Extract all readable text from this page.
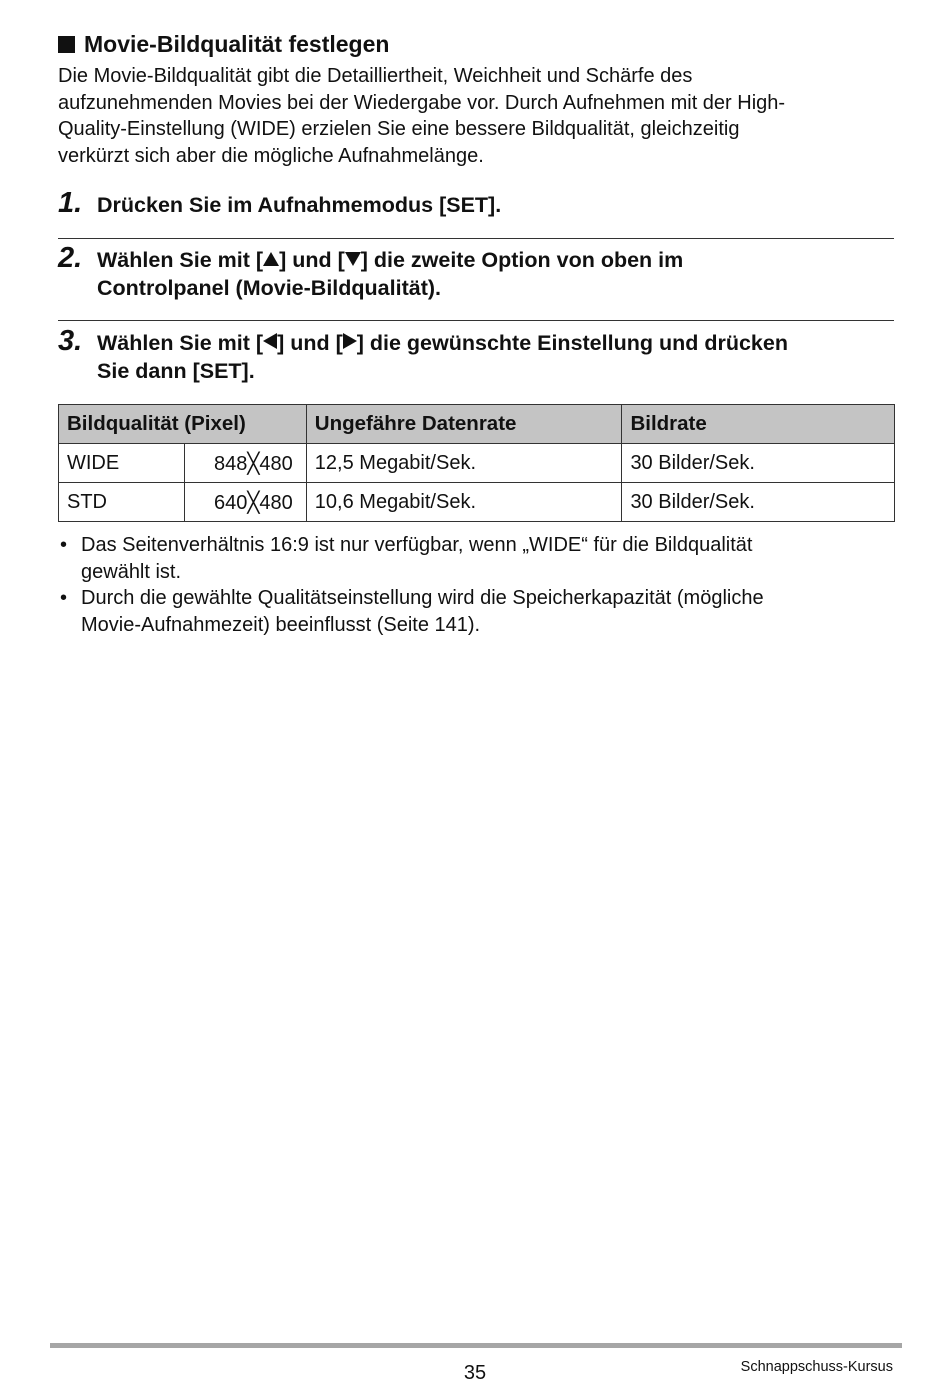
Movie-Bildqualität festlegen

Die Movie-Bildqualität gibt die Detailliertheit, Weichheit und Schärfe des

aufzunehmenden Movies bei der Wiedergabe vor. Durch Aufnehmen mit der High-

Quality-Einstellung (WIDE) erzielen Sie eine bessere Bildqualität, gleichzeitig

verkürzt sich aber die mögliche Aufnahmelänge.

1. Drücken Sie im Aufnahmemodus [SET].

2. Wählen Sie mit [ ] und [ ] die zweite Option von oben im

Controlpanel (Movie-Bildqualität).

3. Wählen Sie mit [ ] und [ ] die gewünschte Einstellung und drücken

Sie dann [SET].

Bildqualität (Pixel)		Ungefähre Datenrate	Bildrate
WIDE	848╳480	12,5 Megabit/Sek.	30 Bilder/Sek.
STD	640╳480	10,6 Megabit/Sek.	30 Bilder/Sek.
• Das Seitenverhältnis 16:9 ist nur verfügbar, wenn „WIDE“ für die Bildqualität
gewählt ist.
• Durch die gewählte Qualitätseinstellung wird die Speicherkapazität (mögliche
Movie-Aufnahmezeit) beeinflusst (Seite 141).
35	Schnappschuss-Kursus
